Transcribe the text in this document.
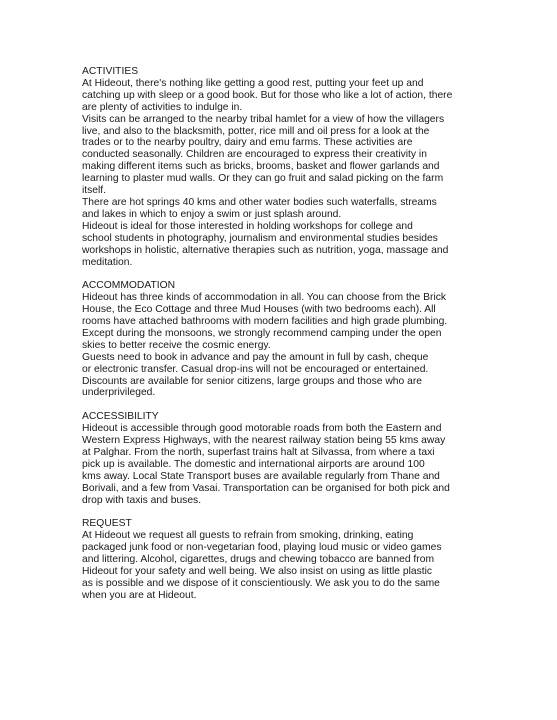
ACTIVITIES
At Hideout, there's nothing like getting a good rest, putting your feet up and
catching up with sleep or a good book. But for those who like a lot of action, there
are plenty of activities to indulge in.
Visits can be arranged to the nearby tribal hamlet for a view of how the villagers
live, and also to the blacksmith, potter, rice mill and oil press for a look at the
trades or to the nearby poultry, dairy and emu farms. These activities are
conducted seasonally. Children are encouraged to express their creativity in
making different items such as bricks, brooms, basket and flower garlands and
learning to plaster mud walls. Or they can go fruit and salad picking on the farm
itself.
There are hot springs 40 kms and other water bodies such waterfalls, streams
and lakes in which to enjoy a swim or just splash around.
Hideout is ideal for those interested in holding workshops for college and
school students in photography, journalism and environmental studies besides
workshops in holistic, alternative therapies such as nutrition, yoga, massage and
meditation.
ACCOMMODATION
Hideout has three kinds of accommodation in all. You can choose from the Brick
House, the Eco Cottage and three Mud Houses (with two bedrooms each). All
rooms have attached bathrooms with modern facilities and high grade plumbing.
Except during the monsoons, we strongly recommend camping under the open
skies to better receive the cosmic energy.
Guests need to book in advance and pay the amount in full by cash, cheque
or electronic transfer. Casual drop-ins will not be encouraged or entertained.
Discounts are available for senior citizens, large groups and those who are
underprivileged.
ACCESSIBILITY
Hideout is accessible through good motorable roads from both the Eastern and
Western Express Highways, with the nearest railway station being 55 kms away
at Palghar. From the north, superfast trains halt at Silvassa, from where a taxi
pick up is available. The domestic and international airports are around 100
kms away. Local State Transport buses are available regularly from Thane and
Borivali, and a few from Vasai. Transportation can be organised for both pick and
drop with taxis and buses.
REQUEST
At Hideout we request all guests to refrain from smoking, drinking, eating
packaged junk food or non-vegetarian food, playing loud music or video games
and littering. Alcohol, cigarettes, drugs and chewing tobacco are banned from
Hideout for your safety and well being. We also insist on using as little plastic
as is possible and we dispose of it conscientiously. We ask you to do the same
when you are at Hideout.
